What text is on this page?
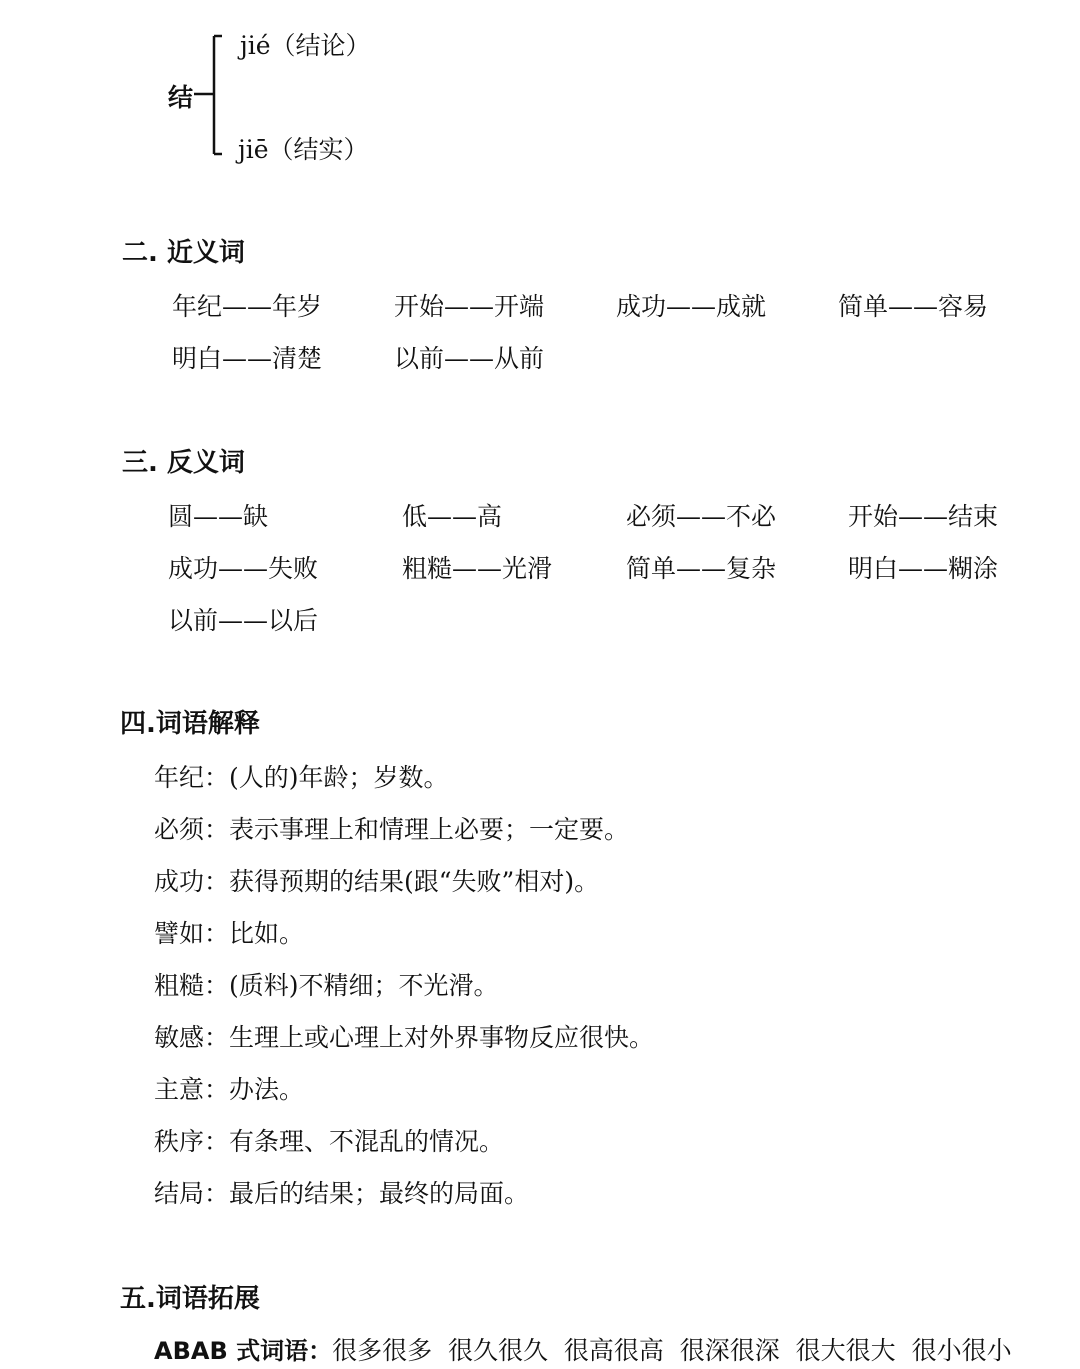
结
jié（结论）
jiē（结实）
二. 近义词
年纪——年岁	开始——开端	成功——成就	简单——容易
明白——清楚	以前——从前
三. 反义词
圆——缺	低——高	必须——不必	开始——结束
成功——失败	粗糙——光滑	简单——复杂	明白——糊涂
以前——以后
四.词语解释
年纪：(人的)年龄；岁数。
必须：表示事理上和情理上必要；一定要。
成功：获得预期的结果(跟“失败”相对)。
譬如：比如。
粗糙：(质料)不精细；不光滑。
敏感：生理上或心理上对外界事物反应很快。
主意：办法。
秩序：有条理、不混乱的情况。
结局：最后的结果；最终的局面。
五.词语拓展
ABAB 式词语：很多很多  很久很久  很高很高  很深很深  很大很大  很小很小
